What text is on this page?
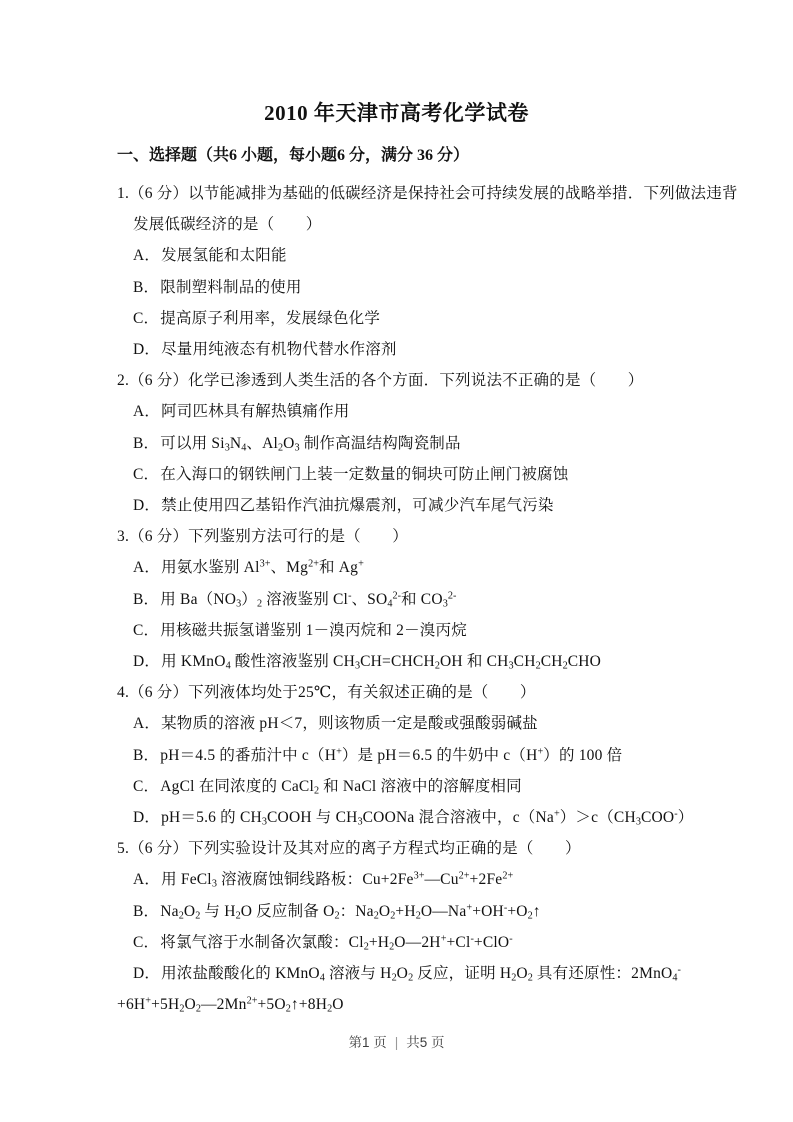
2010 年天津市高考化学试卷
一、选择题（共6 小题，每小题6 分，满分 36 分）
1.（6 分）以节能减排为基础的低碳经济是保持社会可持续发展的战略举措．下列做法违背
发展低碳经济的是（　　）
A．发展氢能和太阳能
B．限制塑料制品的使用
C．提高原子利用率，发展绿色化学
D．尽量用纯液态有机物代替水作溶剂
2.（6 分）化学已渗透到人类生活的各个方面．下列说法不正确的是（　　）
A．阿司匹林具有解热镇痛作用
B．可以用 $Si_3N_4$、$Al_2O_3$ 制作高温结构陶瓷制品
C．在入海口的钢铁闸门上装一定数量的铜块可防止闸门被腐蚀
D．禁止使用四乙基铅作汽油抗爆震剂，可减少汽车尾气污染
3.（6 分）下列鉴别方法可行的是（　　）
A．用氨水鉴别 $Al^{3+}$、$Mg^{2+}$和 Ag+
B．用 $Ba(NO_3)_2$ 溶液鉴别 Cl-、$SO_4^{2-}$和 $CO_3^{2-}$
C．用核磁共振氢谱鉴别 1－溴丙烷和 2－溴丙烷
D．用 KMnO$_4$ 酸性溶液鉴别 $CH_3CH=CHCH_2OH$ 和 $CH_3CH_2CH_2CHO$
4.（6 分）下列液体均处于25℃，有关叙述正确的是（　　）
A．某物质的溶液 pH＜7，则该物质一定是酸或强酸弱碱盐
B．pH＝4.5 的番茄汁中 c（H+）是 pH＝6.5 的牛奶中 c（H+）的 100 倍
C．AgCl 在同浓度的 CaCl$_2$ 和 NaCl 溶液中的溶解度相同
D．pH＝5.6 的 $CH_3COOH$ 与 $CH_3COONa$ 混合溶液中，$c(Na^+)>c(CH_3COO^-)$
5.（6 分）下列实验设计及其对应的离子方程式均正确的是（　　）
A．用 FeCl$_3$ 溶液腐蚀铜线路板：$Cu+2Fe^{3+}—Cu^{2+}+2Fe^{2+}$
B．$Na_2O_2$ 与 $H_2O$ 反应制备 $O_2$：$Na_2O_2+H_2O—Na^++OH^-+O_2↑$
C．将氯气溶于水制备次氯酸：$Cl_2+H_2O—2H^++Cl^-+ClO^-$
D．用浓盐酸酸化的 KMnO$_4$ 溶液与 $H_2O_2$ 反应，证明 $H_2O_2$ 具有还原性：2MnO$_4$-
$+6H^++5H_2O_2—2Mn^{2+}+5O_2↑+8H_2O$
第1 页 | 共5 页
